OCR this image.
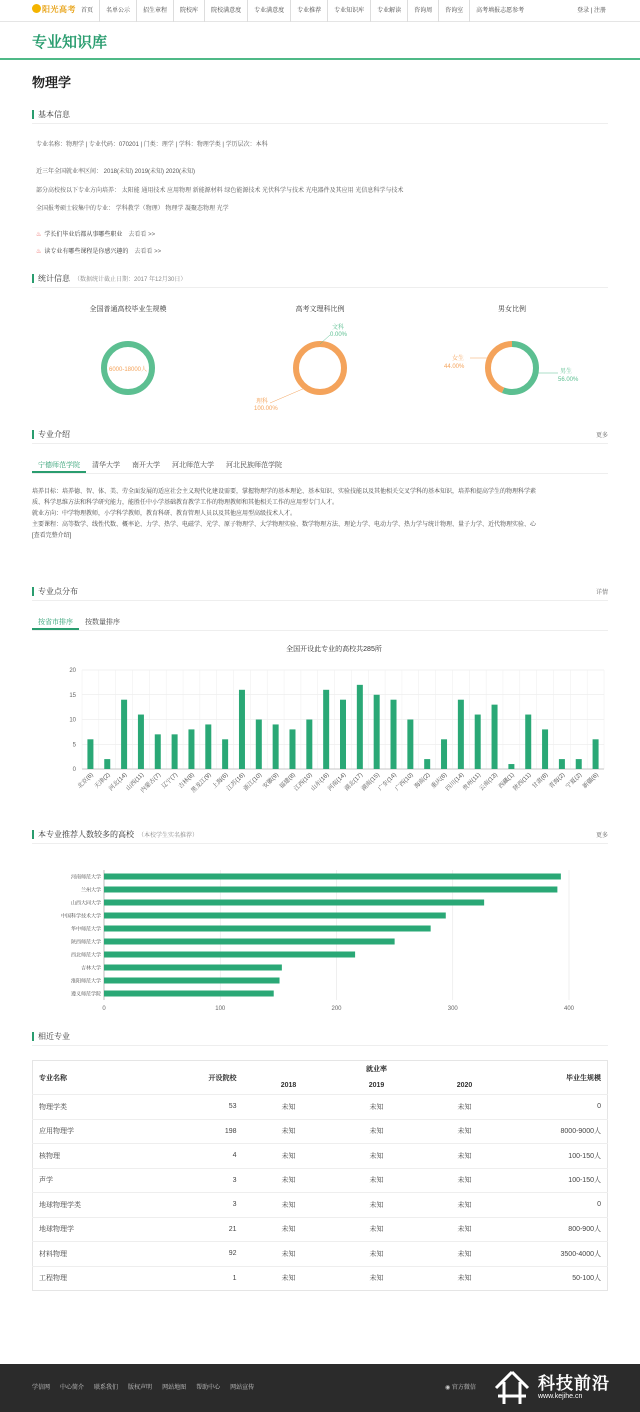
阳光高考 首页	名单公示	招生章程	院校库	院校满意度	专业满意度	专业推荐	专业知识库	专业解读	咨询周	咨询室	高考填报志愿参考	登录 | 注册
专业知识库
物理学
基本信息
专业名称：物理学 | 专业代码：070201 | 门类：理学 | 学科：物理学类 | 学历层次：本科
近三年全国就业率区间： 2018(未知) 2019(未知) 2020(未知)
部分高校按以下专业方向培养： 太阳能 通用技术 应用物理 新能源材料 绿色能源技术 光伏科学与技术 光电器件及其应用 光信息科学与技术
全国报考硕士较集中的专业： 学科教学（物理） 物理学 凝聚态物理 光学
♨ 学长们毕业后都从事哪些职业 去看看 >>
♨ 读专业有哪些课程是你感兴趣的 去看看 >>
统计信息 （数据统计截止日期：2017 年12月30日）
全国普通高校毕业生规模	高考文理科比例	男女比例
6000-18000人
文科
0.00%
理科
100.00%
女生
44.00%
男生
56.00%
专业介绍	更多
宁德师范学院	清华大学	南开大学	河北师范大学	河北民族师范学院
培养目标：培养德、智、体、美、劳全面发展的适应社会主义现代化建设需要，掌握物理学的基本理论、基本知识、实验技能以及其他相关交叉学科的基本知识，培养和提高学生的物理科学素
质、科学思维方法和科学研究能力，能胜任中小学基础教育教学工作的物理教师和其他相关工作的应用型专门人才。
就业方向：中学物理教师，小学科学教师，教育科研、教育管理人员以及其他应用型高级技术人才。
主要课程：高等数学、线性代数、概率论、力学、热学、电磁学、光学、原子物理学、大学物理实验、数学物理方法、理论力学、电动力学、热力学与统计物理、量子力学、近代物理实验、心
[查看完整介绍]
专业点分布	详情
按省市排序	按数量排序
全国开设此专业的高校共285所
0
5
10
15
20
北京(6)
天津(2)
河北(14)
山西(11)
内蒙古(7)
辽宁(7)
吉林(8)
黑龙江(9)
上海(6)
江苏(16)
浙江(10)
安徽(9)
福建(8)
江西(10)
山东(16)
河南(14)
湖北(17)
湖南(15)
广东(14)
广西(10)
海南(2)
重庆(6)
四川(14)
贵州(11)
云南(13)
西藏(1)
陕西(11)
甘肃(8)
青海(2)
宁夏(2)
新疆(6)
本专业推荐人数较多的高校 （本校学生实名推荐）	更多
0	100	200	300	400
河南师范大学
兰州大学
山西大同大学
中国科学技术大学
华中师范大学
陕西师范大学
西北师范大学
吉林大学
淮阳师范大学
遵义师范学院
相近专业
专业名称	开设院校	就业率			毕业生规模
		2018	2019	2020	
物理学类	53	未知	未知	未知	0
应用物理学	198	未知	未知	未知	8000-9000人
核物理	4	未知	未知	未知	100-150人
声学	3	未知	未知	未知	100-150人
地球物理学类	3	未知	未知	未知	0
地球物理学	21	未知	未知	未知	800-900人
材料物理	92	未知	未知	未知	3500-4000人
工程物理	1	未知	未知	未知	50-100人
学信网 中心简介 联系我们 版权声明 网站地图 帮助中心 网站宣传	◉ 官方微信	科技前沿
www.kejihe.cn
